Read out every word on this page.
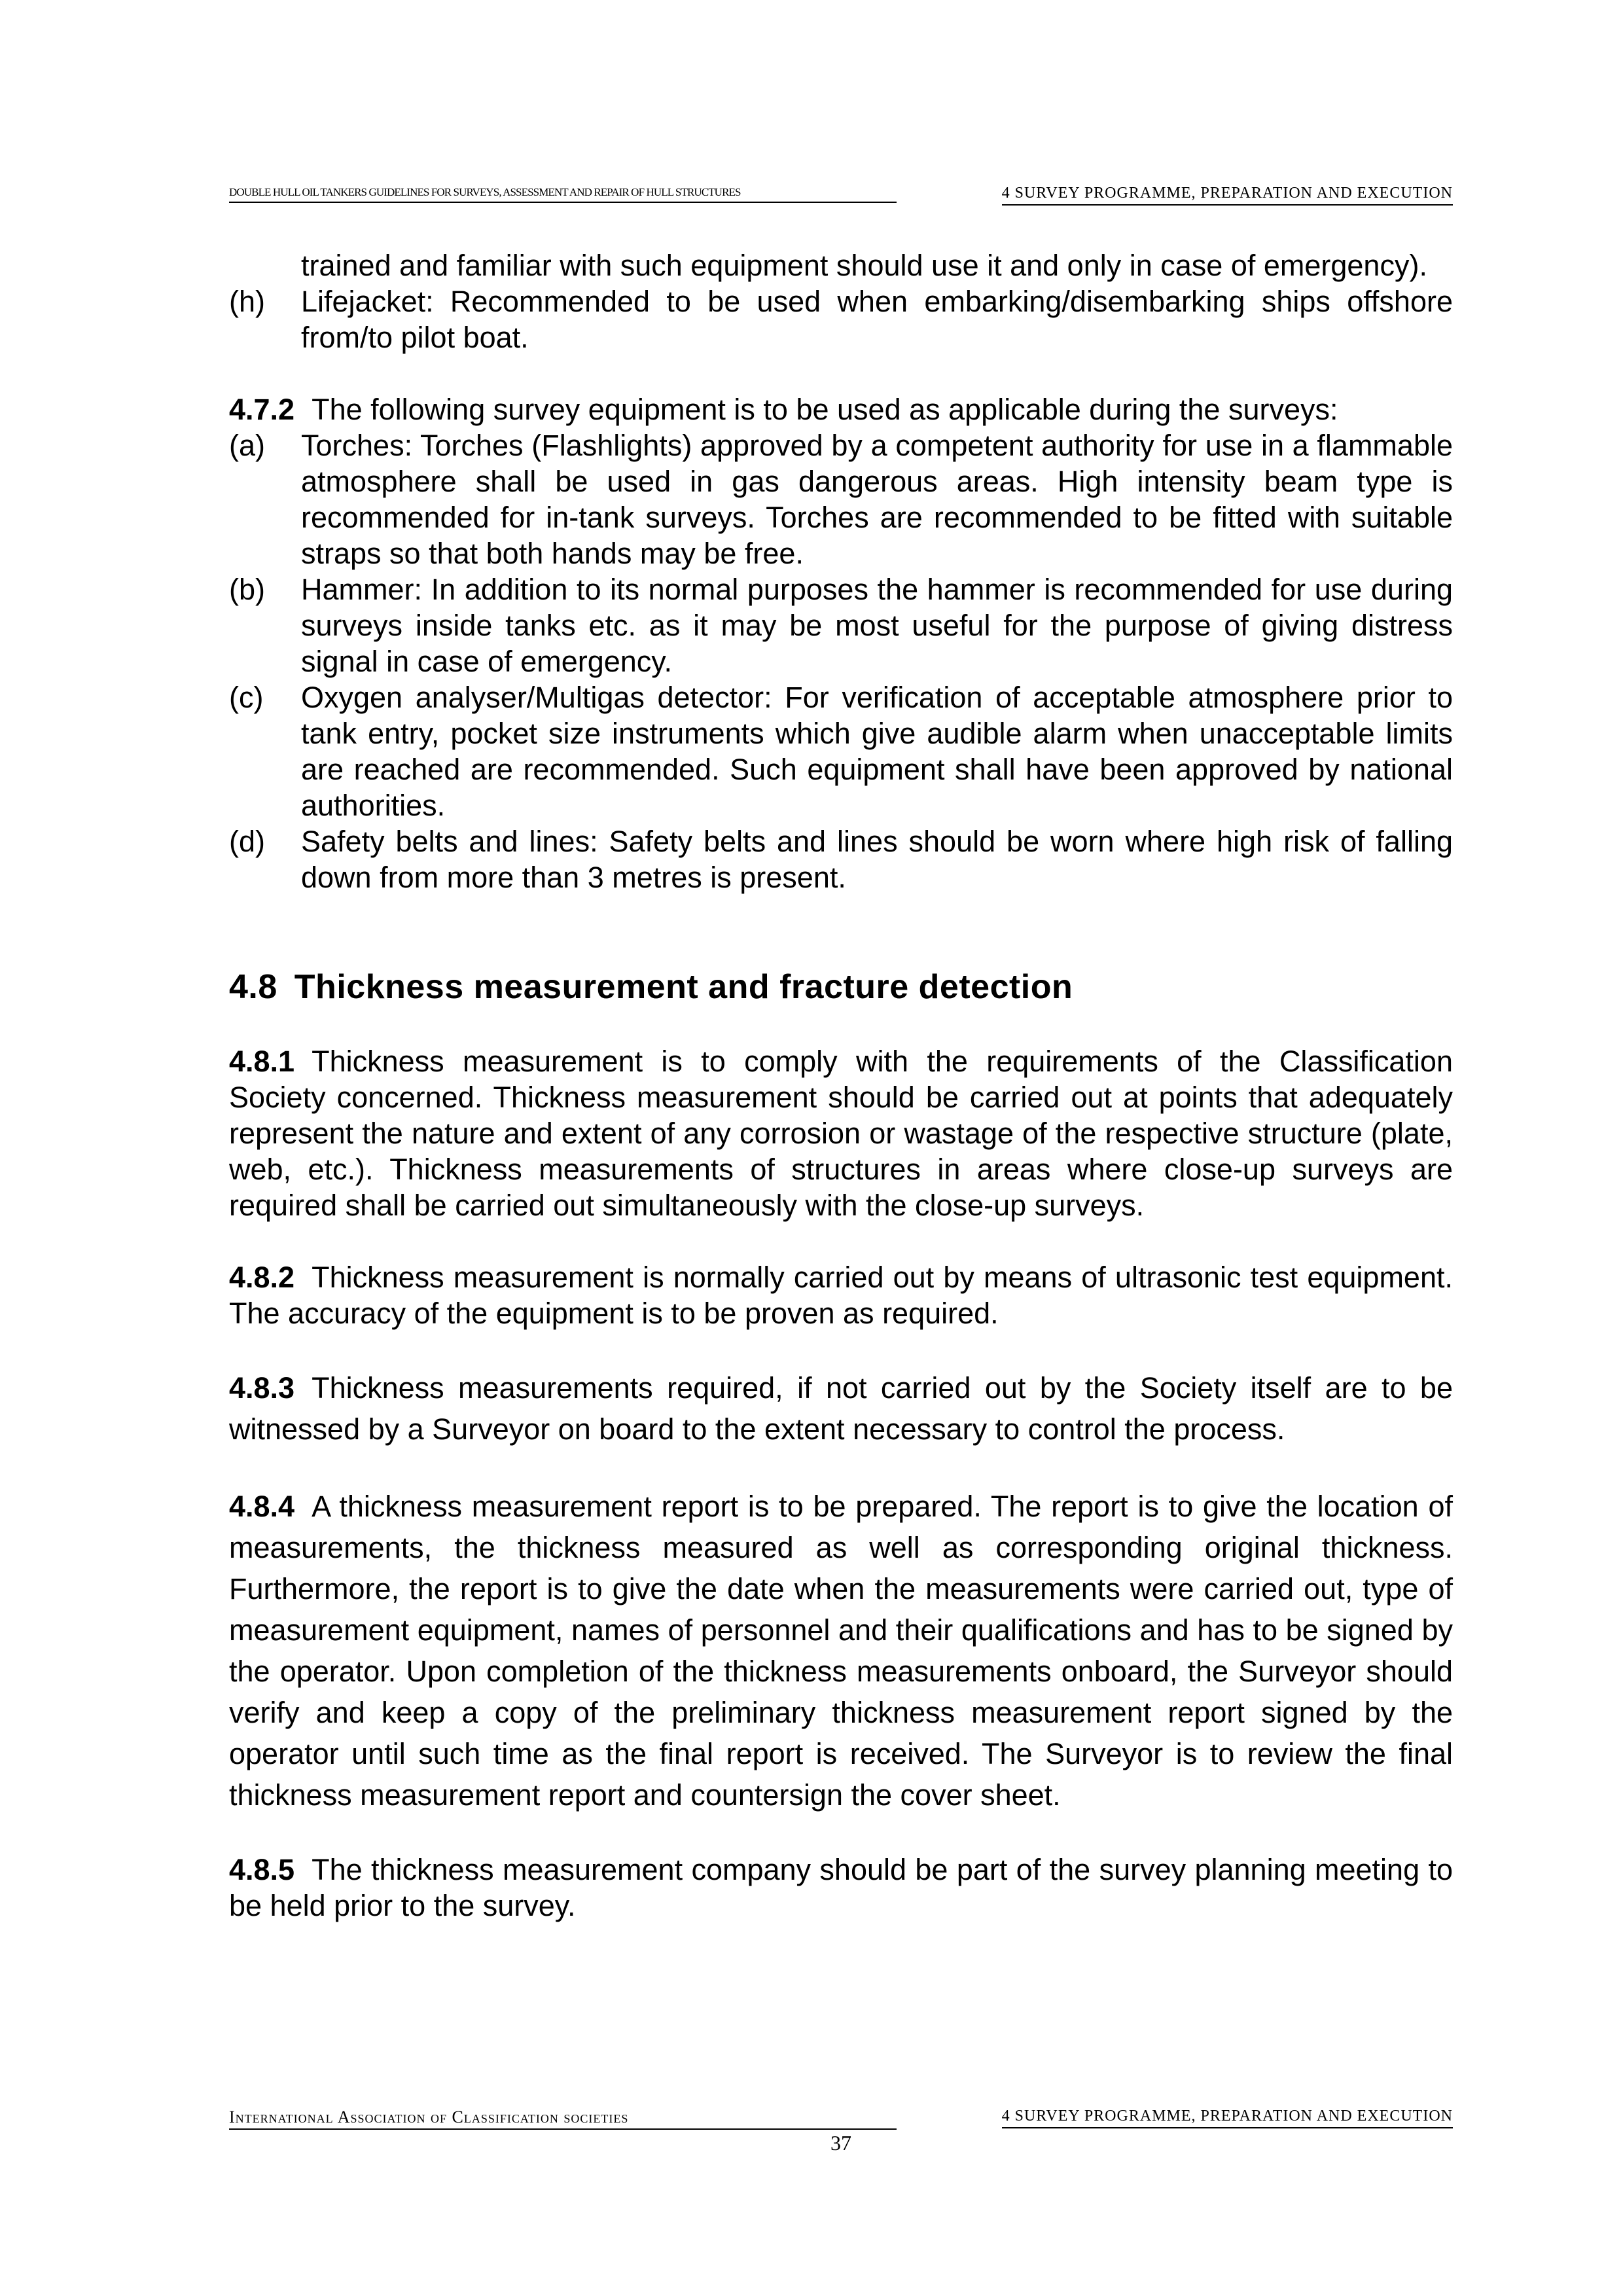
DOUBLE HULL OIL TANKERS GUIDELINES FOR SURVEYS, ASSESSMENT AND REPAIR OF HULL STRUCTURES	4 SURVEY PROGRAMME, PREPARATION AND EXECUTION
trained and familiar with such equipment should use it and only in case of emergency).
(h) Lifejacket: Recommended to be used when embarking/disembarking ships offshore from/to pilot boat.
4.7.2 The following survey equipment is to be used as applicable during the surveys:
(a) Torches: Torches (Flashlights) approved by a competent authority for use in a flammable atmosphere shall be used in gas dangerous areas. High intensity beam type is recommended for in-tank surveys. Torches are recommended to be fitted with suitable straps so that both hands may be free.
(b) Hammer: In addition to its normal purposes the hammer is recommended for use during surveys inside tanks etc. as it may be most useful for the purpose of giving distress signal in case of emergency.
(c) Oxygen analyser/Multigas detector: For verification of acceptable atmosphere prior to tank entry, pocket size instruments which give audible alarm when unacceptable limits are reached are recommended. Such equipment shall have been approved by national authorities.
(d) Safety belts and lines: Safety belts and lines should be worn where high risk of falling down from more than 3 metres is present.
4.8 Thickness measurement and fracture detection
4.8.1 Thickness measurement is to comply with the requirements of the Classification Society concerned. Thickness measurement should be carried out at points that adequately represent the nature and extent of any corrosion or wastage of the respective structure (plate, web, etc.). Thickness measurements of structures in areas where close-up surveys are required shall be carried out simultaneously with the close-up surveys.
4.8.2 Thickness measurement is normally carried out by means of ultrasonic test equipment. The accuracy of the equipment is to be proven as required.
4.8.3 Thickness measurements required, if not carried out by the Society itself are to be witnessed by a Surveyor on board to the extent necessary to control the process.
4.8.4 A thickness measurement report is to be prepared. The report is to give the location of measurements, the thickness measured as well as corresponding original thickness. Furthermore, the report is to give the date when the measurements were carried out, type of measurement equipment, names of personnel and their qualifications and has to be signed by the operator. Upon completion of the thickness measurements onboard, the Surveyor should verify and keep a copy of the preliminary thickness measurement report signed by the operator until such time as the final report is received. The Surveyor is to review the final thickness measurement report and countersign the cover sheet.
4.8.5 The thickness measurement company should be part of the survey planning meeting to be held prior to the survey.
International Association of Classification societies	4 SURVEY PROGRAMME, PREPARATION AND EXECUTION
37
